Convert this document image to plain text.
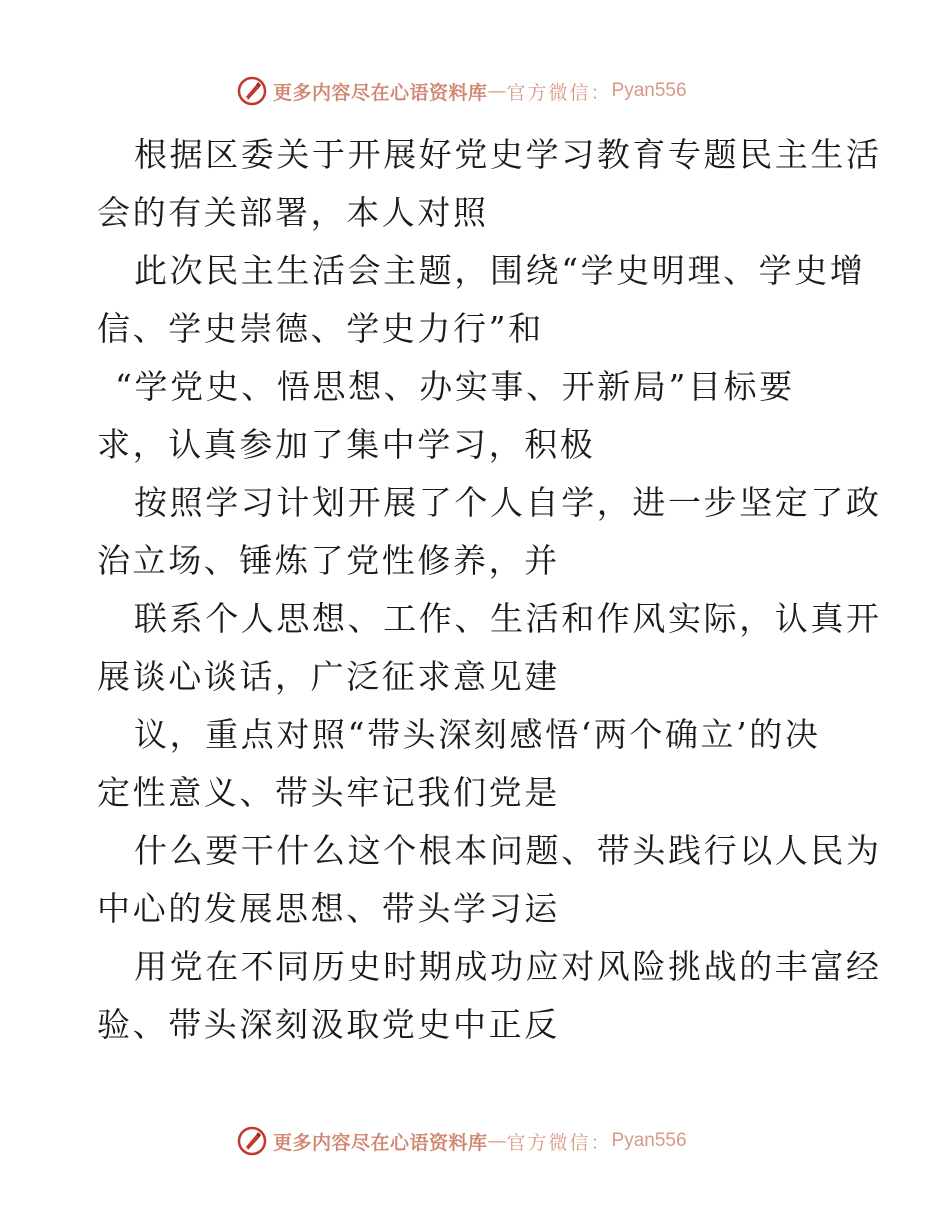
更多内容尽在心语资料库 — 官方微信： Pyan556
根据区委关于开展好党史学习教育专题民主生活
会的有关部署，本人对照
此次民主生活会主题，围绕“学史明理、学史增
信、学史崇德、学史力行”和
“学党史、悟思想、办实事、开新局”目标要
求，认真参加了集中学习，积极
按照学习计划开展了个人自学，进一步坚定了政
治立场、锤炼了党性修养，并
联系个人思想、工作、生活和作风实际，认真开
展谈心谈话，广泛征求意见建
议，重点对照“带头深刻感悟‘两个确立’的决
定性意义、带头牢记我们党是
什么要干什么这个根本问题、带头践行以人民为
中心的发展思想、带头学习运
用党在不同历史时期成功应对风险挑战的丰富经
验、带头深刻汲取党史中正反
更多内容尽在心语资料库 — 官方微信： Pyan556
